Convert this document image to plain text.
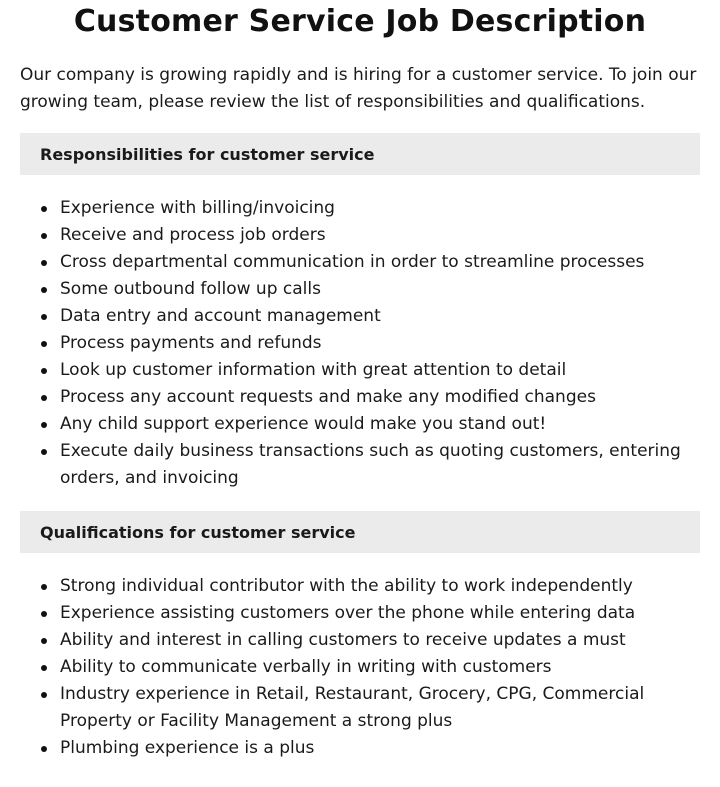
Customer Service Job Description

Our company is growing rapidly and is hiring for a customer service. To join our growing team, please review the list of responsibilities and qualifications.

Responsibilities for customer service
Experience with billing/invoicing
Receive and process job orders
Cross departmental communication in order to streamline processes
Some outbound follow up calls
Data entry and account management
Process payments and refunds
Look up customer information with great attention to detail
Process any account requests and make any modified changes
Any child support experience would make you stand out!
Execute daily business transactions such as quoting customers, entering orders, and invoicing
Qualifications for customer service
Strong individual contributor with the ability to work independently
Experience assisting customers over the phone while entering data
Ability and interest in calling customers to receive updates a must
Ability to communicate verbally in writing with customers
Industry experience in Retail, Restaurant, Grocery, CPG, Commercial Property or Facility Management a strong plus
Plumbing experience is a plus
